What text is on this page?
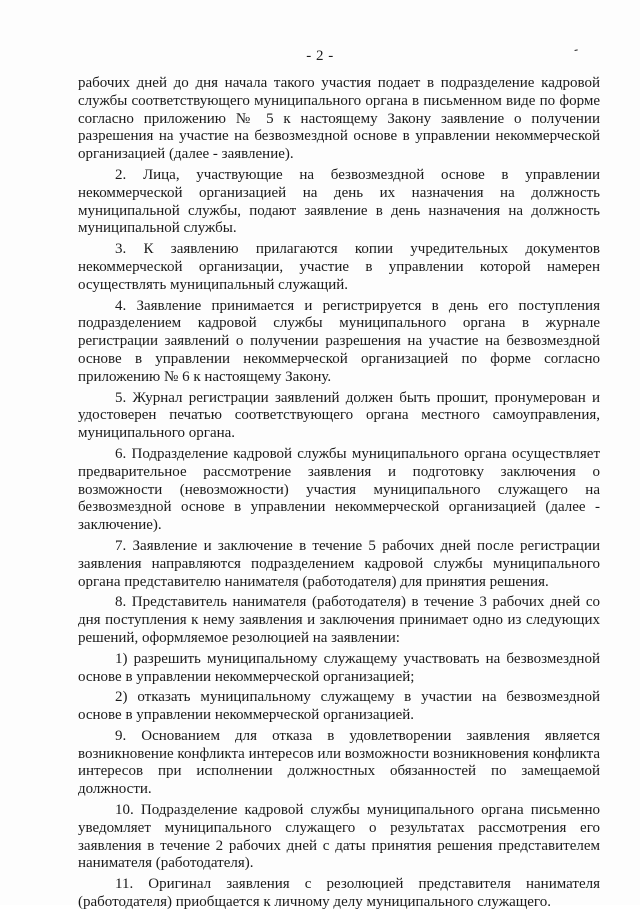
- 2 -	-

рабочих дней до дня начала такого участия подает в подразделение кадровой службы соответствующего муниципального органа в письменном виде по форме согласно приложению № 5 к настоящему Закону заявление о получении разрешения на участие на безвозмездной основе в управлении некоммерческой организацией (далее - заявление).

2. Лица, участвующие на безвозмездной основе в управлении некоммерческой организацией на день их назначения на должность муниципальной службы, подают заявление в день назначения на должность муниципальной службы.

3. К заявлению прилагаются копии учредительных документов некоммерческой организации, участие в управлении которой намерен осуществлять муниципальный служащий.

4. Заявление принимается и регистрируется в день его поступления подразделением кадровой службы муниципального органа в журнале регистрации заявлений о получении разрешения на участие на безвозмездной основе в управлении некоммерческой организацией по форме согласно приложению № 6 к настоящему Закону.

5. Журнал регистрации заявлений должен быть прошит, пронумерован и удостоверен печатью соответствующего органа местного самоуправления, муниципального органа.

6. Подразделение кадровой службы муниципального органа осуществляет предварительное рассмотрение заявления и подготовку заключения о возможности (невозможности) участия муниципального служащего на безвозмездной основе в управлении некоммерческой организацией (далее - заключение).

7. Заявление и заключение в течение 5 рабочих дней после регистрации заявления направляются подразделением кадровой службы муниципального органа представителю нанимателя (работодателя) для принятия решения.

8. Представитель нанимателя (работодателя) в течение 3 рабочих дней со дня поступления к нему заявления и заключения принимает одно из следующих решений, оформляемое резолюцией на заявлении:

1) разрешить муниципальному служащему участвовать на безвозмездной основе в управлении некоммерческой организацией;

2) отказать муниципальному служащему в участии на безвозмездной основе в управлении некоммерческой организацией.

9. Основанием для отказа в удовлетворении заявления является возникновение конфликта интересов или возможности возникновения конфликта интересов при исполнении должностных обязанностей по замещаемой должности.

10. Подразделение кадровой службы муниципального органа письменно уведомляет муниципального служащего о результатах рассмотрения его заявления в течение 2 рабочих дней с даты принятия решения представителем нанимателя (работодателя).

11. Оригинал заявления с резолюцией представителя нанимателя (работодателя) приобщается к личному делу муниципального служащего.
